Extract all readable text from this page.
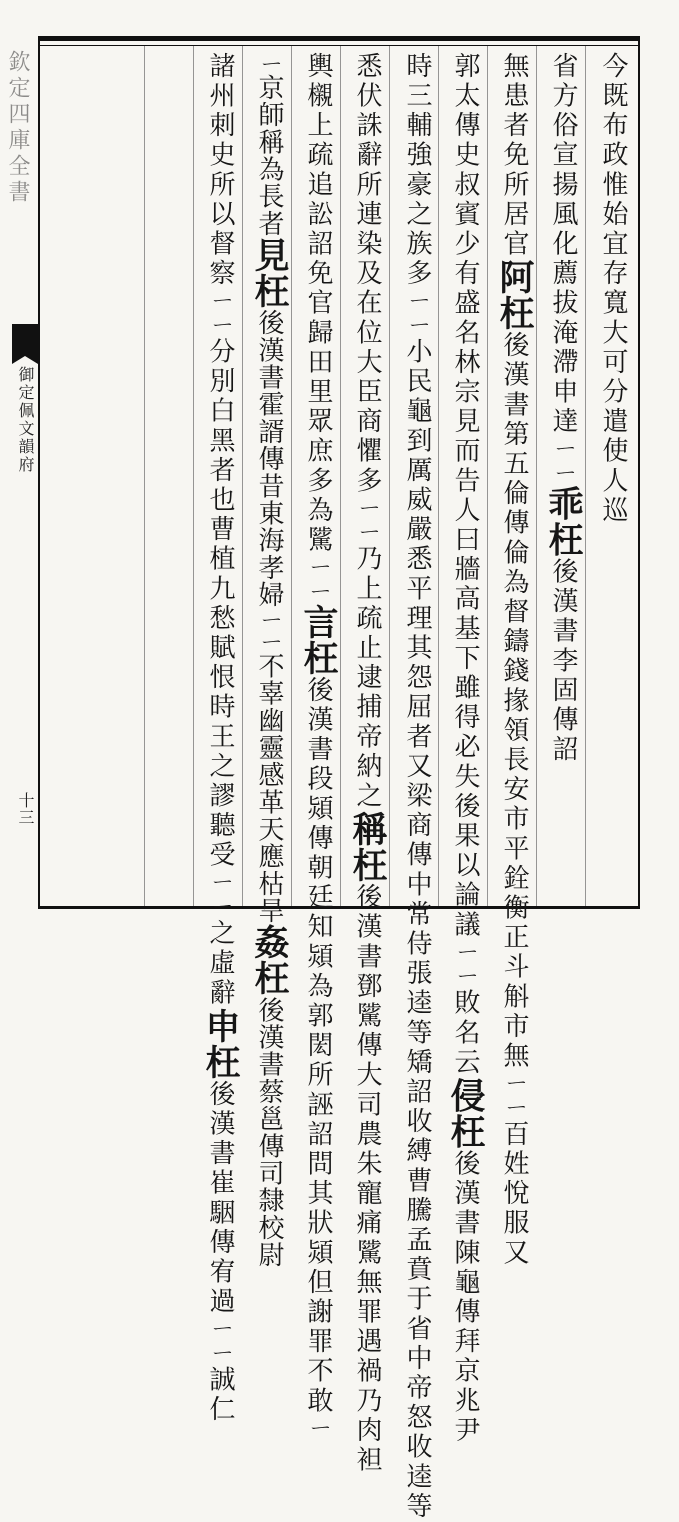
欽定四庫全書
御定佩文韻府
十三
今既布政惟始宜存寬大可分遣使人巡
省方俗宣揚風化薦拔淹滯申達ㄧㄧ乖枉後漢書李固傳詔
無患者免所居官阿枉後漢書第五倫傳倫為督鑄錢掾領長安市平銓衡正斗斛市無ㄧㄧ百姓悅服又
郭太傳史叔賓少有盛名林宗見而告人曰牆高基下雖得必失後果以論議ㄧㄧ敗名云侵枉後漢書陳龜傳拜京兆尹
時三輔強豪之族多ㄧㄧ小民龜到厲威嚴悉平理其怨屈者又梁商傳中常侍張逵等矯詔收縛曹騰孟賁于省中帝怒收逵等
悉伏誅辭所連染及在位大臣商懼多ㄧㄧ乃上疏止逮捕帝納之稱枉後漢書鄧騭傳大司農朱寵痛騭無罪遇禍乃肉袒
輿櫬上疏追訟詔免官歸田里眾庶多為騭ㄧㄧ言枉後漢書段熲傳朝廷知熲為郭閎所誣詔問其狀熲但謝罪不敢ㄧ
ㄧ京師稱為長者見枉後漢書霍諝傳昔東海孝婦ㄧㄧ不辜幽靈感革天應枯旱姦枉後漢書蔡邕傳司隸校尉
諸州刺史所以督察ㄧㄧ分別白黑者也曹植九愁賦恨時王之謬聽受ㄧㄧ之虛辭申枉後漢書崔駰傳宥過ㄧㄧ誠仁
